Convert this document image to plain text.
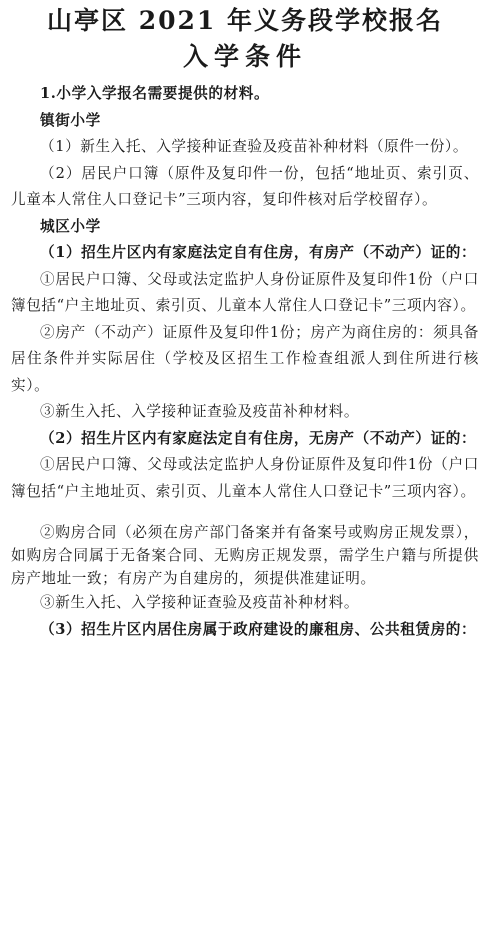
山亭区 2021 年义务段学校报名
入学条件

1.小学入学报名需要提供的材料。

镇街小学

（1）新生入托、入学接种证查验及疫苗补种材料（原件一份）。

（2）居民户口簿（原件及复印件一份，包括“地址页、索引页、儿童本人常住人口登记卡”三项内容，复印件核对后学校留存）。

城区小学

（1）招生片区内有家庭法定自有住房，有房产（不动产）证的：

①居民户口簿、父母或法定监护人身份证原件及复印件1份（户口簿包括“户主地址页、索引页、儿童本人常住人口登记卡”三项内容）。

②房产（不动产）证原件及复印件1份；房产为商住房的：须具备居住条件并实际居住（学校及区招生工作检查组派人到住所进行核实）。

③新生入托、入学接种证查验及疫苗补种材料。

（2）招生片区内有家庭法定自有住房，无房产（不动产）证的：

①居民户口簿、父母或法定监护人身份证原件及复印件1份（户口簿包括“户主地址页、索引页、儿童本人常住人口登记卡”三项内容）。

②购房合同（必须在房产部门备案并有备案号或购房正规发票），如购房合同属于无备案合同、无购房正规发票，需学生户籍与所提供房产地址一致；有房产为自建房的，须提供准建证明。

③新生入托、入学接种证查验及疫苗补种材料。

（3）招生片区内居住房属于政府建设的廉租房、公共租赁房的：
